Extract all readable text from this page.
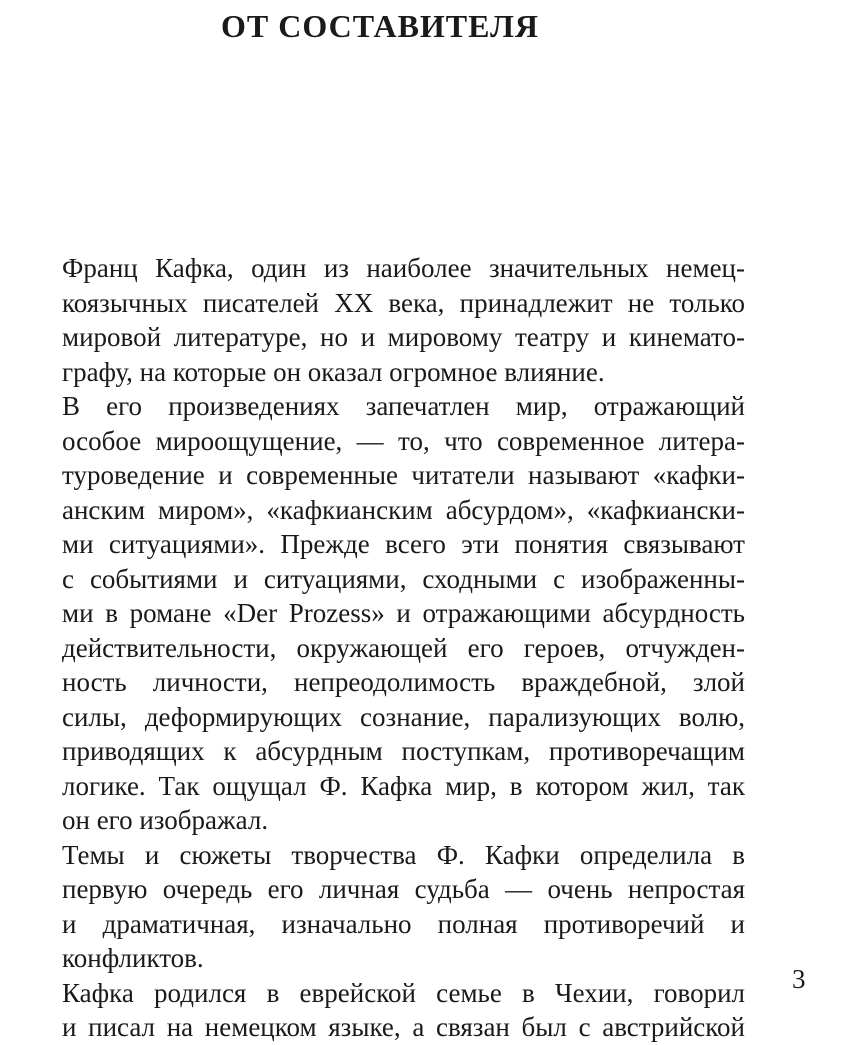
ОТ СОСТАВИТЕЛЯ
Франц Кафка, один из наиболее значительных немец-
коязычных писателей XX века, принадлежит не только
мировой литературе, но и мировому театру и кинемато-
графу, на которые он оказал огромное влияние.
В его произведениях запечатлен мир, отражающий
особое мироощущение, — то, что современное литера-
туроведение и современные читатели называют «кафки-
анским миром», «кафкианским абсурдом», «кафкиански-
ми ситуациями». Прежде всего эти понятия связывают
с событиями и ситуациями, сходными с изображенны-
ми в романе «Der Prozess» и отражающими абсурдность
действительности, окружающей его героев, отчужден-
ность личности, непреодолимость враждебной, злой
силы, деформирующих сознание, парализующих волю,
приводящих к абсурдным поступкам, противоречащим
логике. Так ощущал Ф. Кафка мир, в котором жил, так
он его изображал.
Темы и сюжеты творчества Ф. Кафки определила в
первую очередь его личная судьба — очень непростая
и драматичная, изначально полная противоречий и
конфликтов.
Кафка родился в еврейской семье в Чехии, говорил
и писал на немецком языке, а связан был с австрийской
3
